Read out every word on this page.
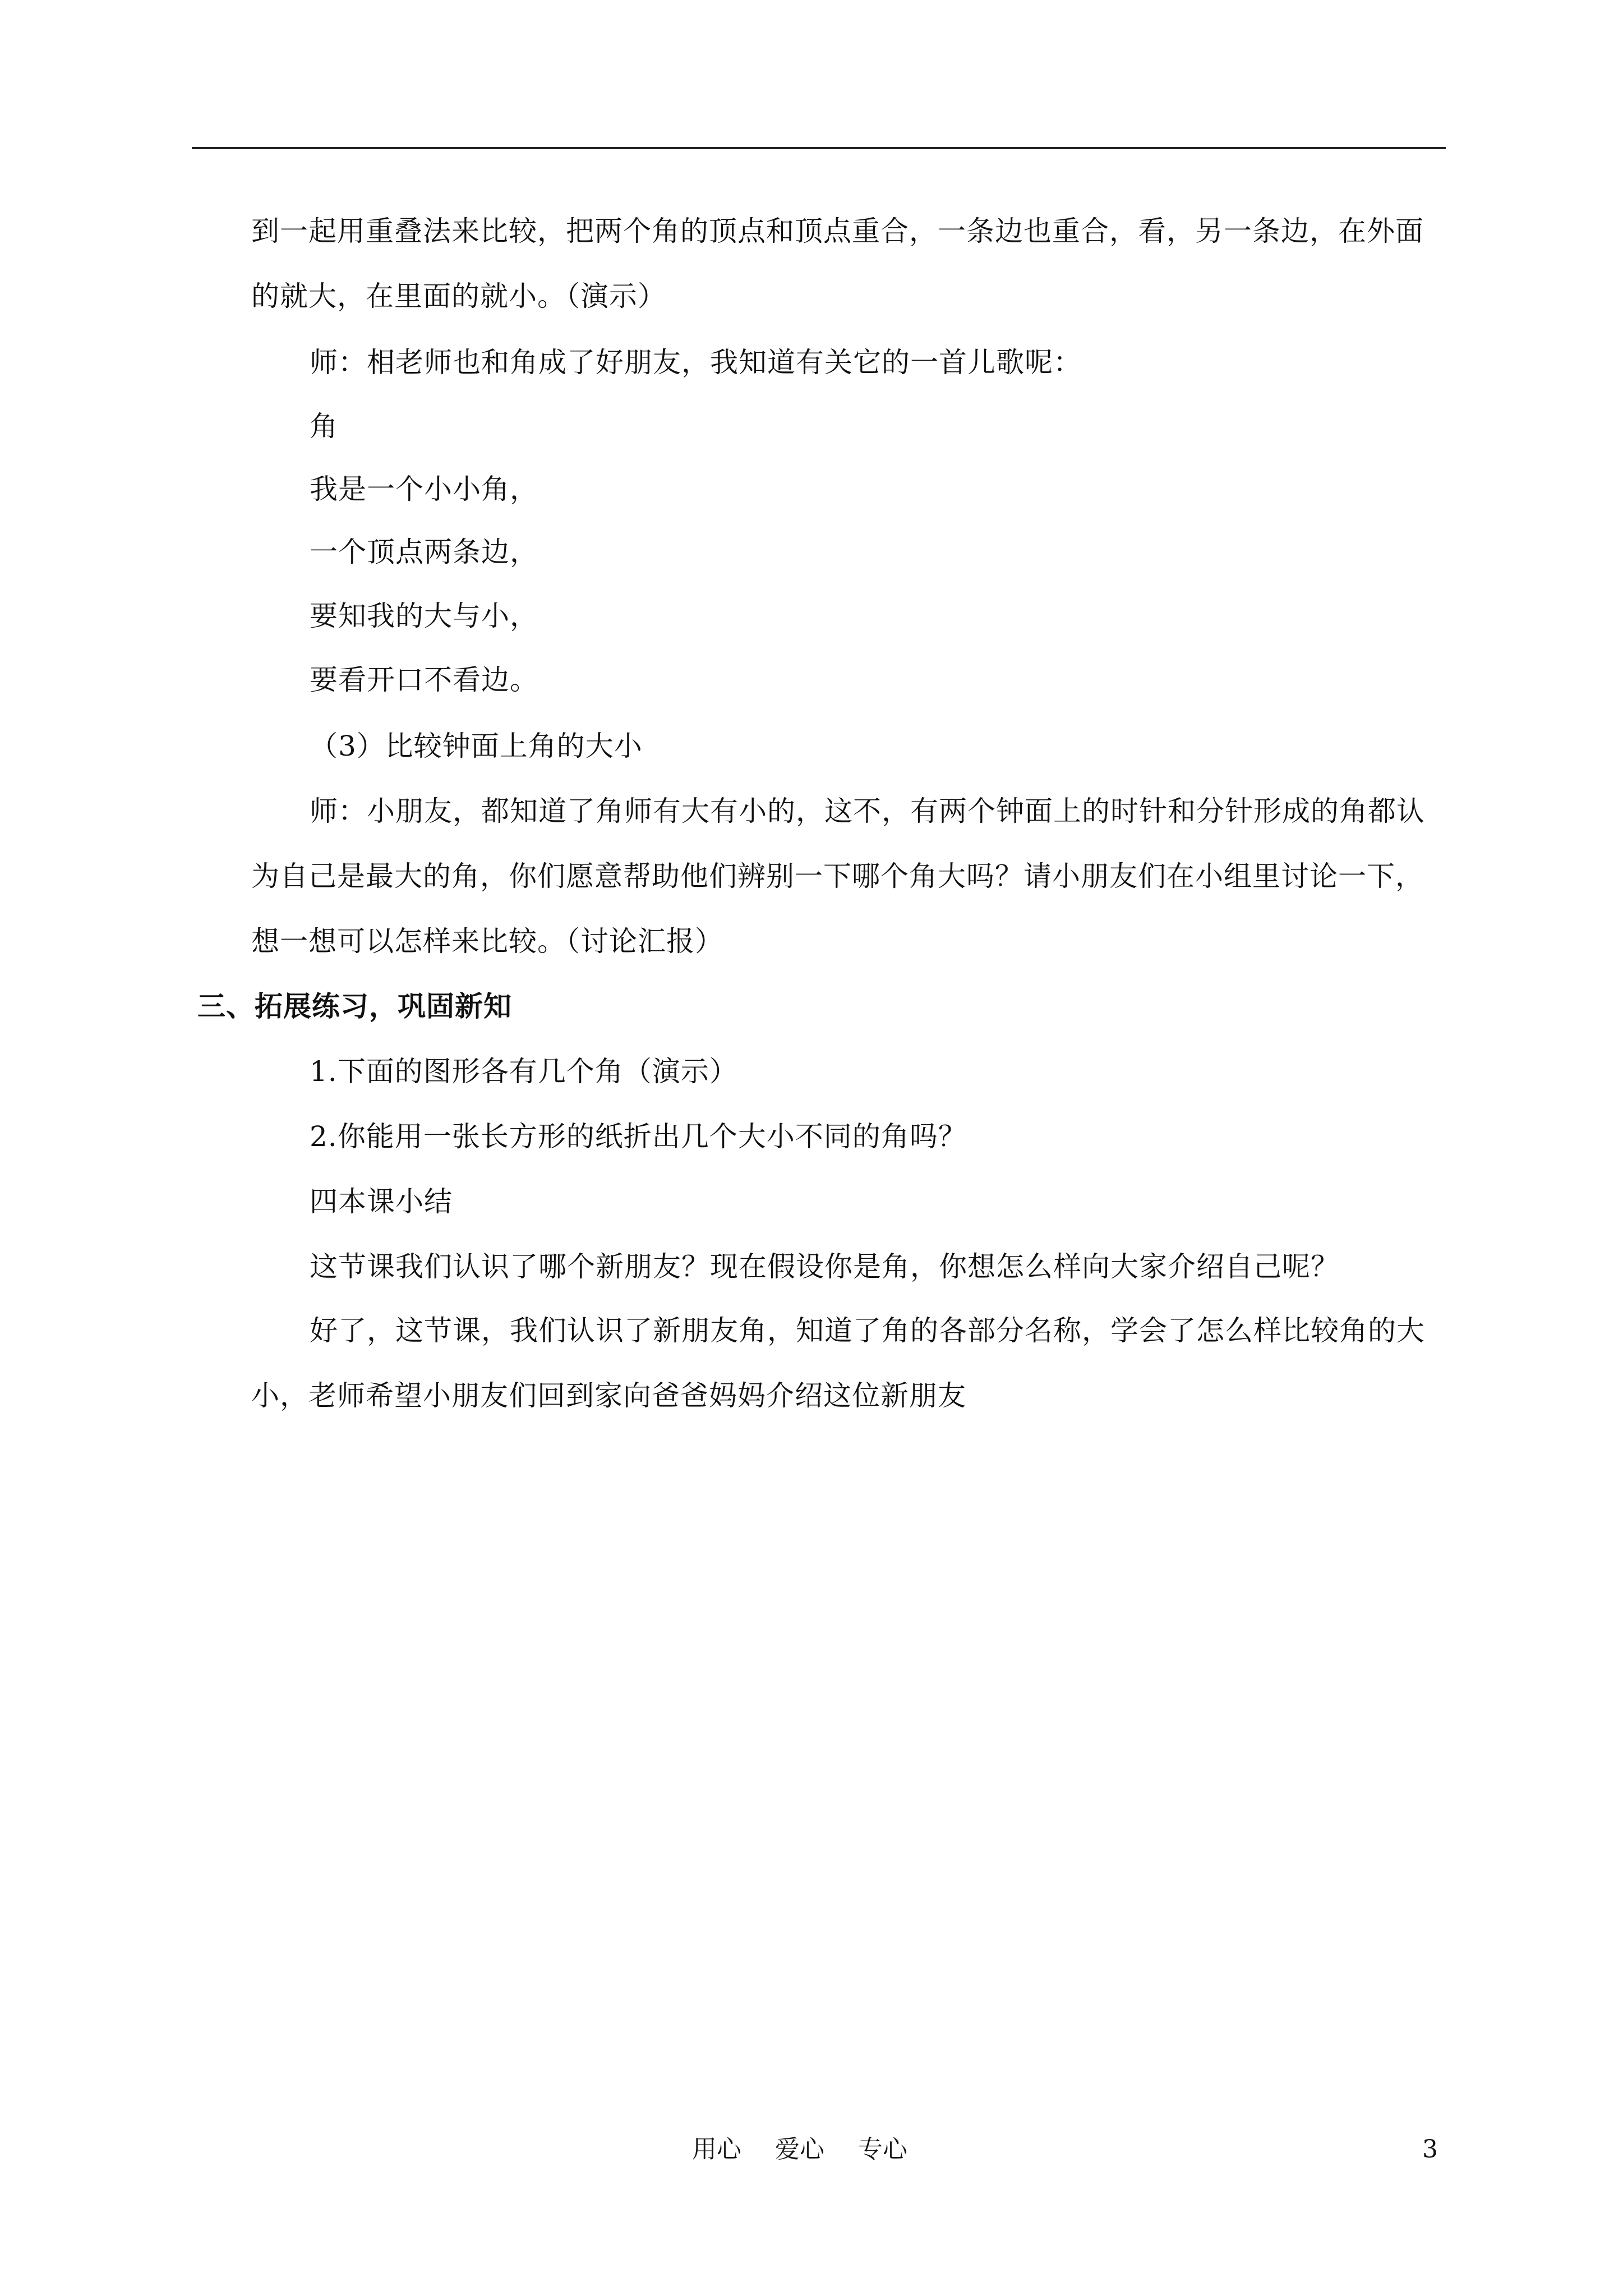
到一起用重叠法来比较，把两个角的顶点和顶点重合，一条边也重合，看，另一条边，在外面
的就大，在里面的就小。（演示）
师：相老师也和角成了好朋友，我知道有关它的一首儿歌呢：
角
我是一个小小角，
一个顶点两条边，
要知我的大与小，
要看开口不看边。
（3）比较钟面上角的大小
师：小朋友，都知道了角师有大有小的，这不，有两个钟面上的时针和分针形成的角都认
为自己是最大的角，你们愿意帮助他们辨别一下哪个角大吗？请小朋友们在小组里讨论一下，
想一想可以怎样来比较。（讨论汇报）
三、拓展练习，巩固新知
1.下面的图形各有几个角（演示）
2.你能用一张长方形的纸折出几个大小不同的角吗？
四本课小结
这节课我们认识了哪个新朋友？现在假设你是角，你想怎么样向大家介绍自己呢？
好了，这节课，我们认识了新朋友角，知道了角的各部分名称，学会了怎么样比较角的大
小，老师希望小朋友们回到家向爸爸妈妈介绍这位新朋友
用心 爱心 专心	3
